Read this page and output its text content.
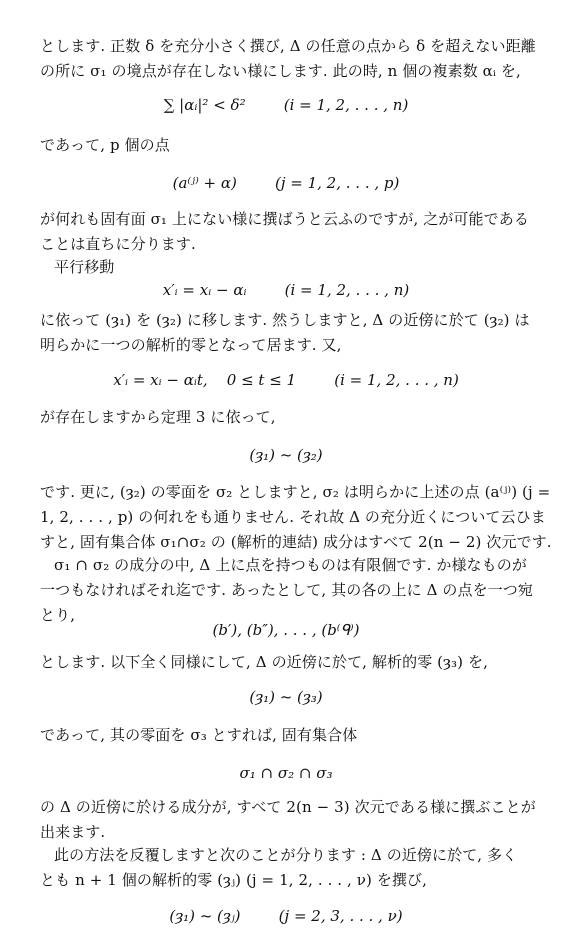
とします. 正数 δ を充分小さく撰び, Δ の任意の点から δ を超えない距離
の所に σ₁ の境点が存在しない様にします. 此の時, n 個の複素数 αᵢ を,
∑ |αᵢ|² < δ²        (i = 1, 2, . . . , n)
であって, p 個の点
(a⁽ʲ⁾ + α)        (j = 1, 2, . . . , p)
が何れも固有面 σ₁ 上にない様に撰ばうと云ふのですが, 之が可能である
ことは直ちに分ります.
平行移動
x′ᵢ = xᵢ − αᵢ        (i = 1, 2, . . . , n)
に依って (ȝ₁) を (ȝ₂) に移します. 然うしますと, Δ の近傍に於て (ȝ₂) は
明らかに一つの解析的零となって居ます. 又,
x′ᵢ = xᵢ − αᵢt,    0 ≤ t ≤ 1        (i = 1, 2, . . . , n)
が存在しますから定理 3 に依って,
(ȝ₁) ~ (ȝ₂)
です. 更に, (ȝ₂) の零面を σ₂ としますと, σ₂ は明らかに上述の点 (a⁽ʲ⁾) (j =
1, 2, . . . , p) の何れをも通りません. それ故 Δ の充分近くについて云ひま
すと, 固有集合体 σ₁∩σ₂ の (解析的連結) 成分はすべて 2(n − 2) 次元です.
σ₁ ∩ σ₂ の成分の中, Δ 上に点を持つものは有限個です. か様なものが
一つもなければそれ迄です. あったとして, 其の各の上に Δ の点を一つ宛
とり,
(b′), (b″), . . . , (b⁽ᑫ⁾)
とします. 以下全く同様にして, Δ の近傍に於て, 解析的零 (ȝ₃) を,
(ȝ₁) ~ (ȝ₃)
であって, 其の零面を σ₃ とすれば, 固有集合体
σ₁ ∩ σ₂ ∩ σ₃
の Δ の近傍に於ける成分が, すべて 2(n − 3) 次元である様に撰ぶことが
出来ます.
此の方法を反覆しますと次のことが分ります : Δ の近傍に於て, 多く
とも n + 1 個の解析的零 (ȝⱼ) (j = 1, 2, . . . , ν) を撰び,
(ȝ₁) ~ (ȝⱼ)        (j = 2, 3, . . . , ν)
